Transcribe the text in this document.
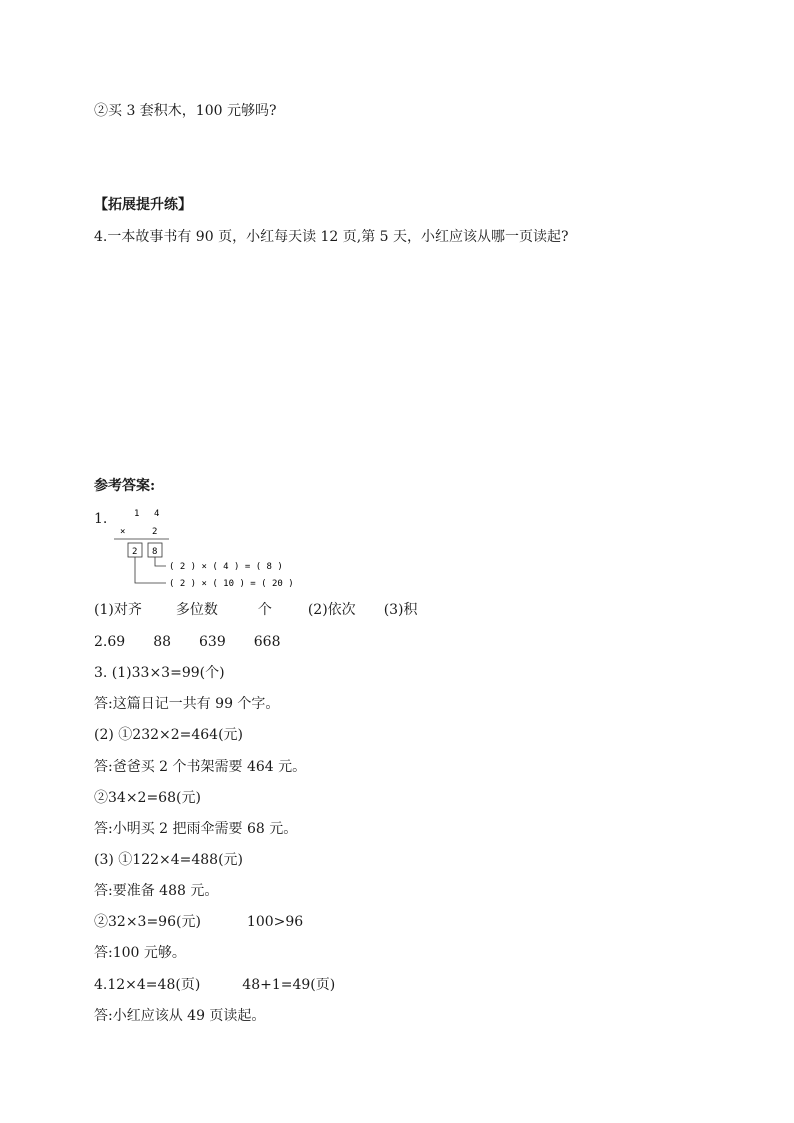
②买 3 套积木，100 元够吗?
【拓展提升练】
4.一本故事书有 90 页，小红每天读 12 页,第 5 天，小红应该从哪一页读起?
参考答案:
1.	1 4
×	2
2 8
( 2 ) × ( 4 ) = ( 8 )
( 2 ) × ( 10 ) = ( 20 )
(1)对齐 多位数	个	(2)依次 (3)积
2.69 88 639 668
3. (1)33×3=99(个)
答:这篇日记一共有 99 个字。
(2) ①232×2=464(元)
答:爸爸买 2 个书架需要 464 元。
②34×2=68(元)
答:小明买 2 把雨伞需要 68 元。
(3) ①122×4=488(元)
答:要准备 488 元。
②32×3=96(元)	100>96
答:100 元够。
4.12×4=48(页)	48+1=49(页)
答:小红应该从 49 页读起。
